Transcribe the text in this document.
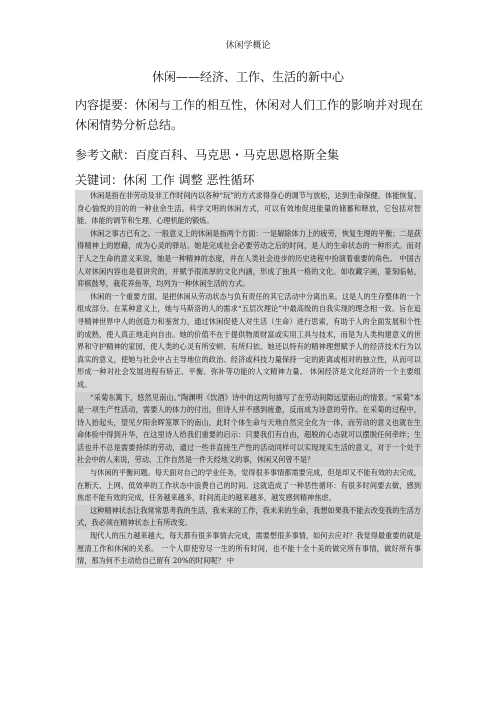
休闲学概论
休闲——经济、工作、生活的新中心
内容提要：休闲与工作的相互性，休闲对人们工作的影响并对现在休闲情势分析总结。
参考文献：百度百科、马克思・马克思恩格斯全集
关键词：休闲 工作 调整 恶性循环

休闲是指在非劳动及非工作时间内以各种“玩”的方式求得身心的调节与放松，达到生命保健、体能恢复、身心愉悦的目的的一种业余生活。科学文明的休闲方式，可以有效地促进能量的储蓄和释放，它包括对智能、体能的调节和生理、心理机能的锻炼。

休闲之事古已有之。一般意义上的休闲是指两个方面：一是解除体力上的疲劳，恢复生理的平衡；二是获得精神上的慰藉，成为心灵的驿站。她是完成社会必要劳动之后的时间，是人的生命状态的一种形式。而对于人之生命的意义来说，她是一种精神的态度，并在人类社会进步的历史进程中扮演着重要的角色。 中国古人对休闲内容也是很讲究的，并赋予很浓厚的文化内涵，形成了独具一格的文化。如收藏字画，篆刻临帖，弈棋鼓琴，栽花养鱼等，均列为一种休闲生活的方式。

休闲的一个重要方面，是把休闲从劳动状态与负有责任的其它活动中分离出来。这是人的生存整体的一个组成部分。在某种意义上，她与马斯洛的人的需求“五层次理论”中最高级的自我实现的理念相一致。旨在追寻精神世界中人的创造力和鉴赏力，通过休闲促使人对生活（生命）进行思索，有助于人的全面发展和个性的成熟，使人真正地走向自由。她的价值不在于提供物质财富或实用工具与技术，而是为人类构建意义的世界和守护精神的家园，使人类的心灵有所安顿、有所归依。她还以特有的精神理想赋予人的经济技术行为以真实的意义，使她与社会中占主导地位的政治、经济或科技力量保持一定的距离或相对的独立性，从而可以形成一种对社会发展进程有矫正、平衡、弥补等功能的人文精神力量。 休闲经济是文化经济的一个主要组成。

“采菊东篱下，悠然见南山。”陶渊明《饮酒》诗中的这两句描写了在劳动间隙远望南山的情景。“采菊”本是一项生产性活动，需要人的体力的付出，但诗人并不感到疲惫，反而成为诗意的劳作。在采菊的过程中，诗人抬起头，望见夕阳余晖笼罩下的南山，此时个体生命与天地自然完全化为一体，而劳动的意义也就在生命体验中得到升华，在这里诗人给我们重要的启示：只要我们有自由，超脱的心态就可以摆脱任何牵绊；生活也并不总是需要持续的劳动，通过一些非直接生产性的活动同样可以实现现实生活的意义，对于一个处于社会中的人来说，劳动、工作自然是一件天经地义的事，休闲又何曾不是？

与休闲的平衡问题。每天面对自己的学业任务，觉得很多事情都需要完成，但是却又不能有效的去完成，在断天、上网、低效率的工作状态中浪费自己的时间。这就造成了一种恶性循环：有很多时间要去做，感到焦虑不能有效的完成，任务越来越多，时间流走的越来越多，越发感到精神焦虑。

这种精神状态让我常常思考我的生活，我未来的工作，我未来的生命，我想如果我不能去改变我的生活方式，我必须在精神状态上有所改变。

现代人的压力越来越大，每天都有很多事情去完成，需要想很多事情，如何去应对？我觉得最重要的就是厘清工作和休闲的关系。 一个人即使穷尽一生的所有时间，也不能十全十美的做完所有事情，做好所有事情，那为何不主动给自己留有 20%的时间呢？ 中
